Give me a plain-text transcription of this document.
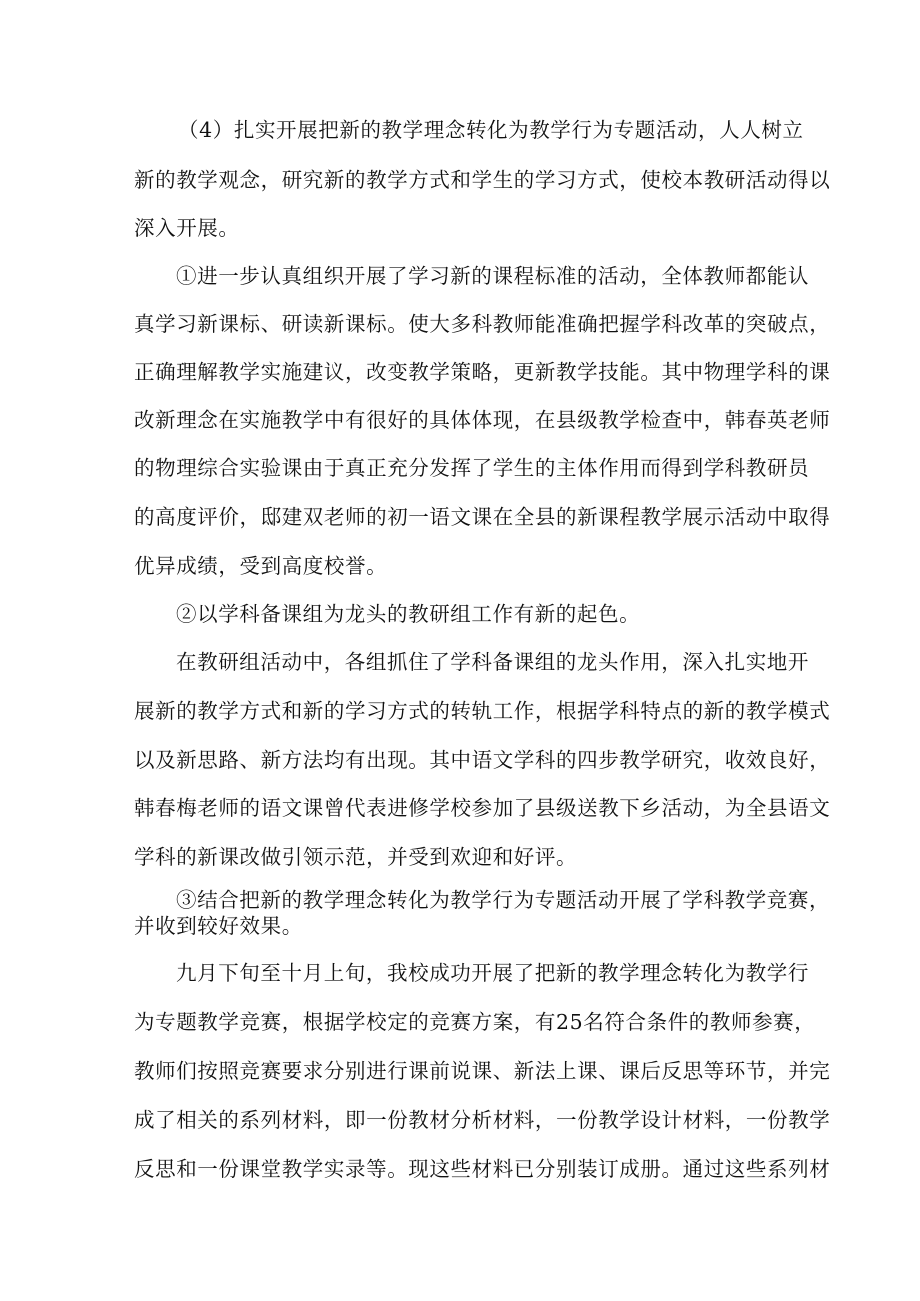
（4）扎实开展把新的教学理念转化为教学行为专题活动，人人树立
新的教学观念，研究新的教学方式和学生的学习方式，使校本教研活动得以
深入开展。
①进一步认真组织开展了学习新的课程标准的活动，全体教师都能认
真学习新课标、研读新课标。使大多科教师能准确把握学科改革的突破点，
正确理解教学实施建议，改变教学策略，更新教学技能。其中物理学科的课
改新理念在实施教学中有很好的具体体现，在县级教学检查中，韩春英老师
的物理综合实验课由于真正充分发挥了学生的主体作用而得到学科教研员
的高度评价，邸建双老师的初一语文课在全县的新课程教学展示活动中取得
优异成绩，受到高度校誉。
②以学科备课组为龙头的教研组工作有新的起色。
在教研组活动中，各组抓住了学科备课组的龙头作用，深入扎实地开
展新的教学方式和新的学习方式的转轨工作，根据学科特点的新的教学模式
以及新思路、新方法均有出现。其中语文学科的四步教学研究，收效良好，
韩春梅老师的语文课曾代表进修学校参加了县级送教下乡活动，为全县语文
学科的新课改做引领示范，并受到欢迎和好评。
③结合把新的教学理念转化为教学行为专题活动开展了学科教学竞赛，
并收到较好效果。
九月下旬至十月上旬，我校成功开展了把新的教学理念转化为教学行
为专题教学竞赛，根据学校定的竞赛方案，有25名符合条件的教师参赛，
教师们按照竞赛要求分别进行课前说课、新法上课、课后反思等环节，并完
成了相关的系列材料，即一份教材分析材料，一份教学设计材料，一份教学
反思和一份课堂教学实录等。现这些材料已分别装订成册。通过这些系列材
